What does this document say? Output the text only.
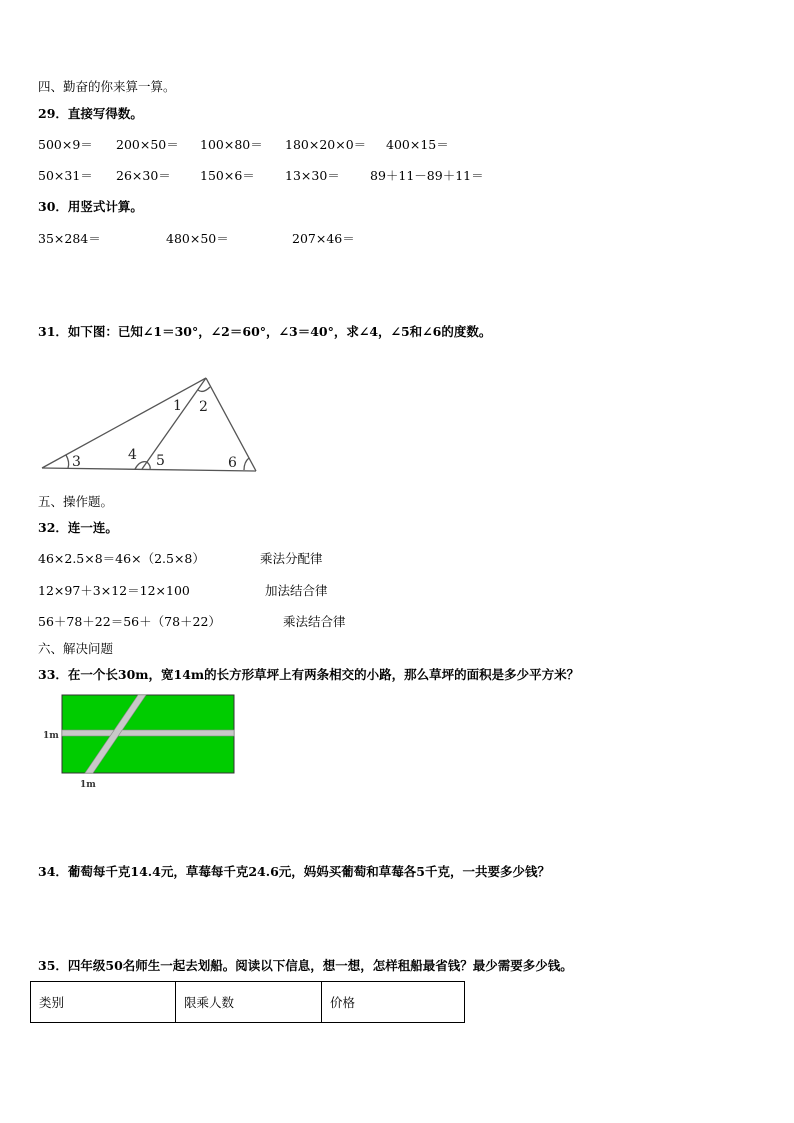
四、勤奋的你来算一算。
29．直接写得数。
500×9＝ 200×50＝ 100×80＝ 180×20×0＝ 400×15＝
50×31＝ 26×30＝ 150×6＝ 13×30＝ 89＋11－89＋11＝
30．用竖式计算。
35×284＝	480×50＝	207×46＝
31．如下图：已知∠1＝30°，∠2＝60°，∠3＝40°，求∠4，∠5和∠6的度数。
1 2
3	4 5	6
五、操作题。
32．连一连。
46×2.5×8＝46×（2.5×8）	乘法分配律
12×97＋3×12＝12×100	加法结合律
56＋78＋22＝56＋（78＋22）	乘法结合律
六、解决问题
33．在一个长30m，宽14m的长方形草坪上有两条相交的小路，那么草坪的面积是多少平方米？
1m
1m
34．葡萄每千克14.4元，草莓每千克24.6元，妈妈买葡萄和草莓各5千克，一共要多少钱？
35．四年级50名师生一起去划船。阅读以下信息，想一想，怎样租船最省钱？最少需要多少钱。
类别	限乘人数	价格
